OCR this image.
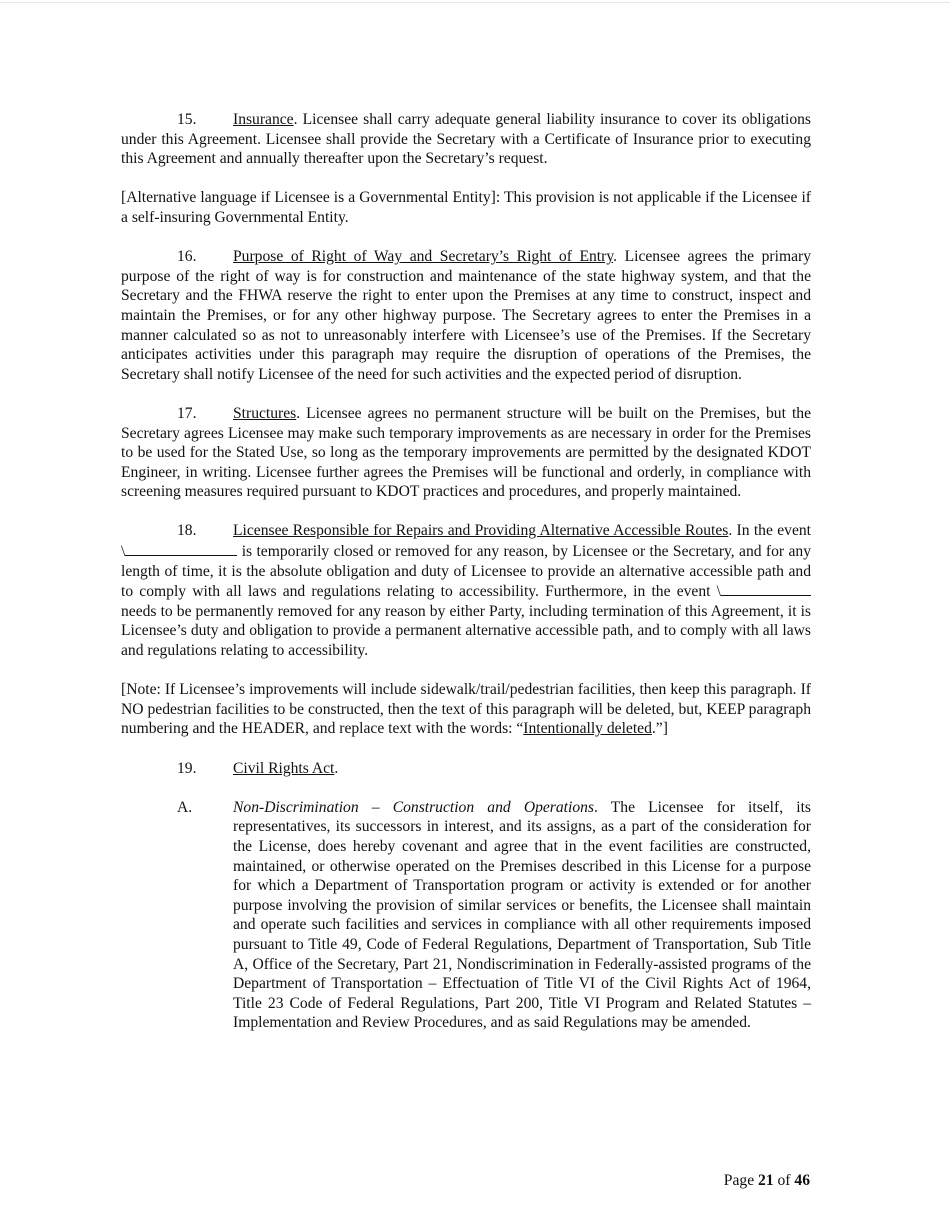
15. Insurance. Licensee shall carry adequate general liability insurance to cover its obligations under this Agreement. Licensee shall provide the Secretary with a Certificate of Insurance prior to executing this Agreement and annually thereafter upon the Secretary’s request.

[Alternative language if Licensee is a Governmental Entity]: This provision is not applicable if the Licensee if a self-insuring Governmental Entity.

16. Purpose of Right of Way and Secretary’s Right of Entry. Licensee agrees the primary purpose of the right of way is for construction and maintenance of the state highway system, and that the Secretary and the FHWA reserve the right to enter upon the Premises at any time to construct, inspect and maintain the Premises, or for any other highway purpose. The Secretary agrees to enter the Premises in a manner calculated so as not to unreasonably interfere with Licensee’s use of the Premises. If the Secretary anticipates activities under this paragraph may require the disruption of operations of the Premises, the Secretary shall notify Licensee of the need for such activities and the expected period of disruption.

17. Structures. Licensee agrees no permanent structure will be built on the Premises, but the Secretary agrees Licensee may make such temporary improvements as are necessary in order for the Premises to be used for the Stated Use, so long as the temporary improvements are permitted by the designated KDOT Engineer, in writing. Licensee further agrees the Premises will be functional and orderly, in compliance with screening measures required pursuant to KDOT practices and procedures, and properly maintained.

18. Licensee Responsible for Repairs and Providing Alternative Accessible Routes. In the event \	is temporarily closed or removed for any reason, by Licensee or the Secretary, and for any length of time, it is the absolute obligation and duty of Licensee to provide an alternative accessible path and to comply with all laws and regulations relating to accessibility. Furthermore, in the event \ needs to be permanently removed for any reason by either Party, including termination of this Agreement, it is Licensee’s duty and obligation to provide a permanent alternative accessible path, and to comply with all laws and regulations relating to accessibility.

[Note: If Licensee’s improvements will include sidewalk/trail/pedestrian facilities, then keep this paragraph. If NO pedestrian facilities to be constructed, then the text of this paragraph will be deleted, but, KEEP paragraph numbering and the HEADER, and replace text with the words: “Intentionally deleted.”]

19. Civil Rights Act.

A.	Non-Discrimination – Construction and Operations. The Licensee for itself, its representatives, its successors in interest, and its assigns, as a part of the consideration for the License, does hereby covenant and agree that in the event facilities are constructed, maintained, or otherwise operated on the Premises described in this License for a purpose for which a Department of Transportation program or activity is extended or for another purpose involving the provision of similar services or benefits, the Licensee shall maintain and operate such facilities and services in compliance with all other requirements imposed pursuant to Title 49, Code of Federal Regulations, Department of Transportation, Sub Title A, Office of the Secretary, Part 21, Nondiscrimination in Federally-assisted programs of the Department of Transportation – Effectuation of Title VI of the Civil Rights Act of 1964, Title 23 Code of Federal Regulations, Part 200, Title VI Program and Related Statutes – Implementation and Review Procedures, and as said Regulations may be amended.
Page 21 of 46
